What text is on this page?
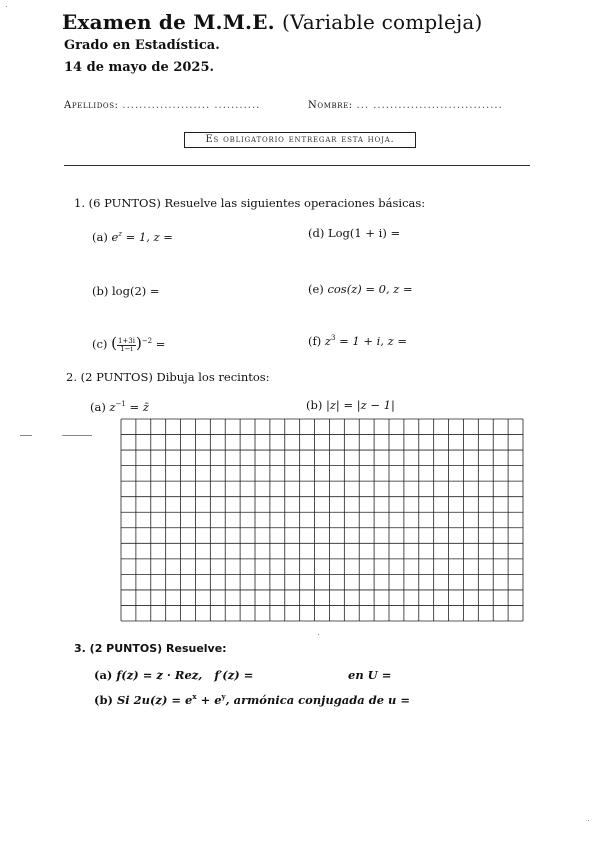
Examen de M.M.E. (Variable compleja)
Grado en Estadística.
14 de mayo de 2025.
Apellidos: ..................... ...........	Nombre: ... ...............................
Es obligatorio entregar esta hoja.
1. (6 PUNTOS) Resuelve las siguientes operaciones básicas:
(a) $e^z = 1$, z =	(d) Log(1 + i) =
(b) log(2) =	(e) cos(z) = 0, z =
(c) ( $\frac{1+3i}{1-i} )^{-2}$ =	(f) $z^3 = 1 + i$, z =
2. (2 PUNTOS) Dibuja los recintos:
(a) $z^{-1}$ = z̄	(b) |z| = |z − 1|
3. (2 PUNTOS) Resuelve:
(a) f(z) = z · Rez, f′(z) =	en U =
(b) Si $2u(z) = e^x + e^y$, armónica conjugada de u =
